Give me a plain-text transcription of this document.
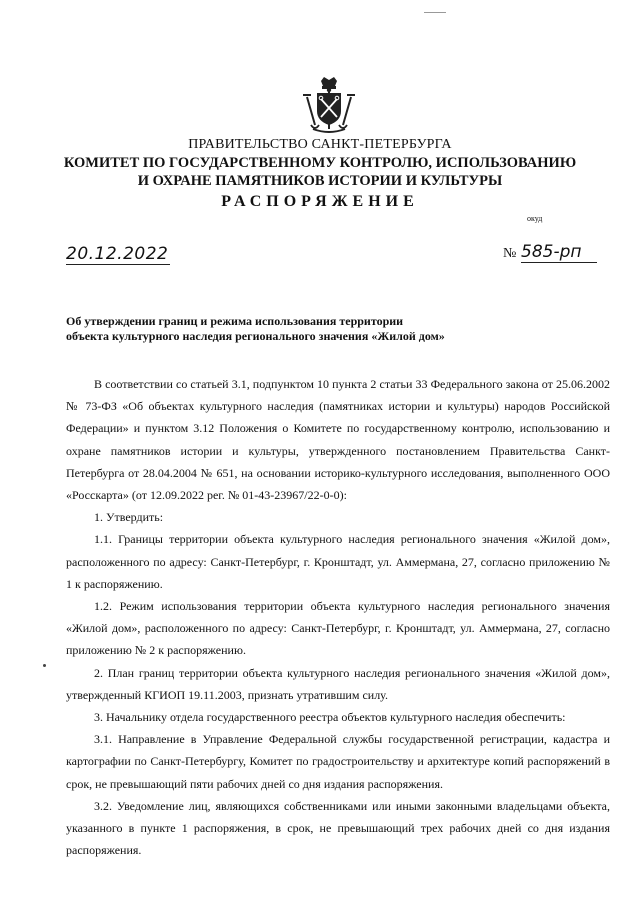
ПРАВИТЕЛЬСТВО САНКТ-ПЕТЕРБУРГА
КОМИТЕТ ПО ГОСУДАРСТВЕННОМУ КОНТРОЛЮ, ИСПОЛЬЗОВАНИЮ
И ОХРАНЕ ПАМЯТНИКОВ ИСТОРИИ И КУЛЬТУРЫ
РАСПОРЯЖЕНИЕ
окуд
20.12.2022	№ 585-рп
Об утверждении границ и режима использования территории
объекта культурного наследия регионального значения «Жилой дом»

В соответствии со статьей 3.1, подпунктом 10 пункта 2 статьи 33 Федерального закона от 25.06.2002 № 73-ФЗ «Об объектах культурного наследия (памятниках истории и культуры) народов Российской Федерации» и пунктом 3.12 Положения о Комитете по государственному контролю, использованию и охране памятников истории и культуры, утвержденного постановлением Правительства Санкт-Петербурга от 28.04.2004 № 651, на основании историко-культурного исследования, выполненного ООО «Росскарта» (от 12.09.2022 рег. № 01-43-23967/22-0-0):

1. Утвердить:

1.1. Границы территории объекта культурного наследия регионального значения «Жилой дом», расположенного по адресу: Санкт-Петербург, г. Кронштадт, ул. Аммермана, 27, согласно приложению № 1 к распоряжению.

1.2. Режим использования территории объекта культурного наследия регионального значения «Жилой дом», расположенного по адресу: Санкт-Петербург, г. Кронштадт, ул. Аммермана, 27, согласно приложению № 2 к распоряжению.

2. План границ территории объекта культурного наследия регионального значения «Жилой дом», утвержденный КГИОП 19.11.2003, признать утратившим силу.

3. Начальнику отдела государственного реестра объектов культурного наследия обеспечить:

3.1. Направление в Управление Федеральной службы государственной регистрации, кадастра и картографии по Санкт-Петербургу, Комитет по градостроительству и архитектуре копий распоряжений в срок, не превышающий пяти рабочих дней со дня издания распоряжения.

3.2. Уведомление лиц, являющихся собственниками или иными законными владельцами объекта, указанного в пункте 1 распоряжения, в срок, не превышающий трех рабочих дней со дня издания распоряжения.
